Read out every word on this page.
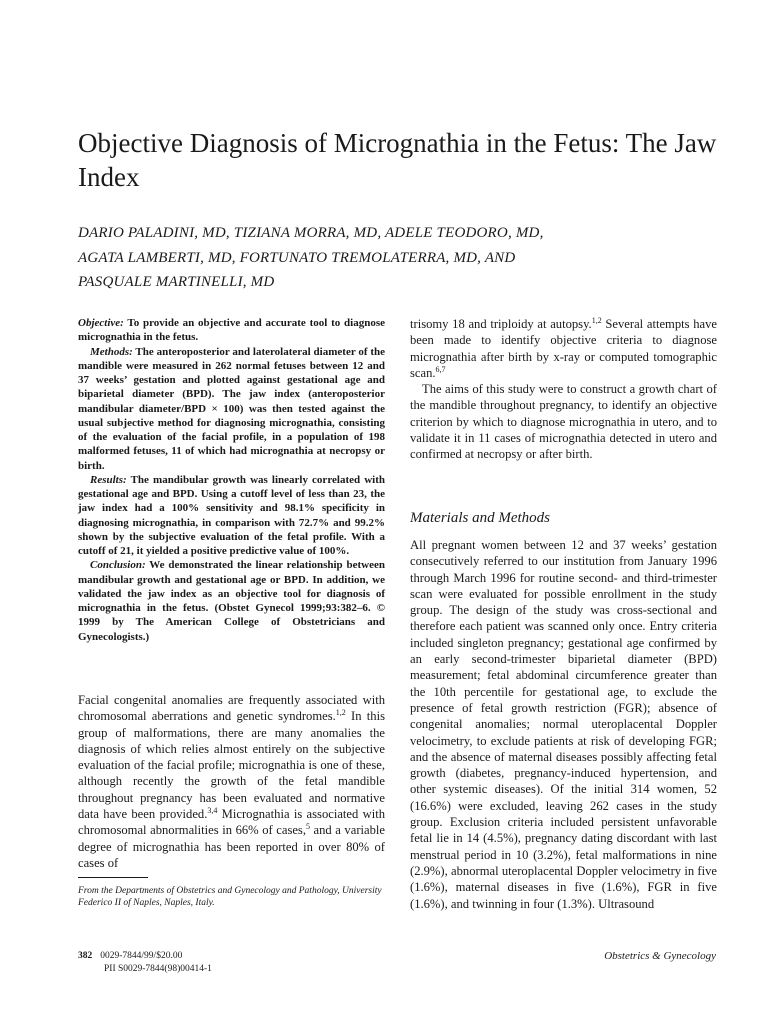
Objective Diagnosis of Micrognathia in the Fetus: The Jaw Index
DARIO PALADINI, MD, TIZIANA MORRA, MD, ADELE TEODORO, MD,
AGATA LAMBERTI, MD, FORTUNATO TREMOLATERRA, MD, AND
PASQUALE MARTINELLI, MD

Objective: To provide an objective and accurate tool to diagnose micrognathia in the fetus.

Methods: The anteroposterior and laterolateral diameter of the mandible were measured in 262 normal fetuses between 12 and 37 weeks’ gestation and plotted against gestational age and biparietal diameter (BPD). The jaw index (anteroposterior mandibular diameter/BPD × 100) was then tested against the usual subjective method for diagnosing micrognathia, consisting of the evaluation of the facial profile, in a population of 198 malformed fetuses, 11 of which had micrognathia at necropsy or birth.

Results: The mandibular growth was linearly correlated with gestational age and BPD. Using a cutoff level of less than 23, the jaw index had a 100% sensitivity and 98.1% specificity in diagnosing micrognathia, in comparison with 72.7% and 99.2% shown by the subjective evaluation of the fetal profile. With a cutoff of 21, it yielded a positive predictive value of 100%.

Conclusion: We demonstrated the linear relationship between mandibular growth and gestational age or BPD. In addition, we validated the jaw index as an objective tool for diagnosis of micrognathia in the fetus. (Obstet Gynecol 1999;93:382–6. © 1999 by The American College of Obstetricians and Gynecologists.)

Facial congenital anomalies are frequently associated with chromosomal aberrations and genetic syndromes.$^{1,2}$ In this group of malformations, there are many anomalies the diagnosis of which relies almost entirely on the subjective evaluation of the facial profile; micrognathia is one of these, although recently the growth of the fetal mandible throughout pregnancy has been evaluated and normative data have been provided.$^{3,4}$ Micrognathia is associated with chromosomal abnormalities in 66% of cases,$^5$ and a variable degree of micrognathia has been reported in over 80% of cases of

trisomy 18 and triploidy at autopsy.$^{1,2}$ Several attempts have been made to identify objective criteria to diagnose micrognathia after birth by x-ray or computed tomographic scan.$^{6,7}$

The aims of this study were to construct a growth chart of the mandible throughout pregnancy, to identify an objective criterion by which to diagnose micrognathia in utero, and to validate it in 11 cases of micrognathia detected in utero and confirmed at necropsy or after birth.

Materials and Methods

All pregnant women between 12 and 37 weeks’ gestation consecutively referred to our institution from January 1996 through March 1996 for routine second- and third-trimester scan were evaluated for possible enrollment in the study group. The design of the study was cross-sectional and therefore each patient was scanned only once. Entry criteria included singleton pregnancy; gestational age confirmed by an early second-trimester biparietal diameter (BPD) measurement; fetal abdominal circumference greater than the 10th percentile for gestational age, to exclude the presence of fetal growth restriction (FGR); absence of congenital anomalies; normal uteroplacental Doppler velocimetry, to exclude patients at risk of developing FGR; and the absence of maternal diseases possibly affecting fetal growth (diabetes, pregnancy-induced hypertension, and other systemic diseases). Of the initial 314 women, 52 (16.6%) were excluded, leaving 262 cases in the study group. Exclusion criteria included persistent unfavorable fetal lie in 14 (4.5%), pregnancy dating discordant with last menstrual period in 10 (3.2%), fetal malformations in nine (2.9%), abnormal uteroplacental Doppler velocimetry in five (1.6%), maternal diseases in five (1.6%), FGR in five (1.6%), and twinning in four (1.3%). Ultrasound

From the Departments of Obstetrics and Gynecology and Pathology, University Federico II of Naples, Naples, Italy.
382 0029-7844/99/$20.00
PII S0029-7844(98)00414-1
Obstetrics & Gynecology
